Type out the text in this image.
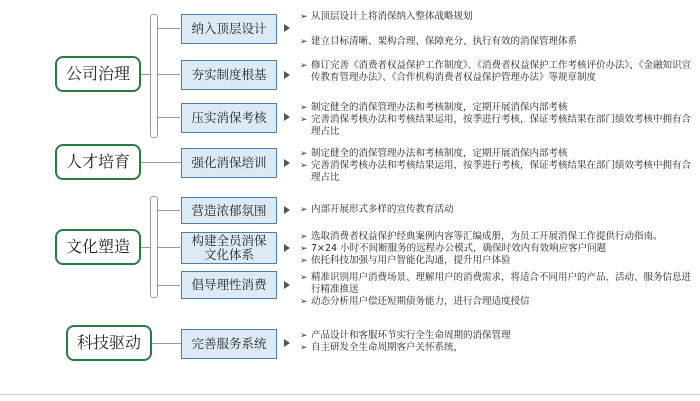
公司治理
人才培育
文化塑造
科技驱动
纳入顶层设计
夯实制度根基
压实消保考核
强化消保培训
营造浓郁氛围
构建全员消保
文化体系
倡导理性消费
完善服务系统
➢ 从顶层设计上将消保纳入整体战略规划
➢ 建立目标清晰、架构合理、保障充分、执行有效的消保管理体系
➢ 修订完善《消费者权益保护工作制度》、《消费者权益保护工作考核评价办法》、《金融知识宣传教育管理办法》、《合作机构消费者权益保护管理办法》等规章制度
➢ 制定健全的消保管理办法和考核制度，定期开展消保内部考核
➢ 完善消保考核办法和考核结果运用，按季进行考核，保证考核结果在部门绩效考核中拥有合理占比
➢ 制定健全的消保管理办法和考核制度，定期开展消保内部考核
➢ 完善消保考核办法和考核结果运用，按季进行考核，保证考核结果在部门绩效考核中拥有合理占比
➢ 内部开展形式多样的宣传教育活动
➢ 选取消费者权益保护经典案例内容等汇编成册，为员工开展消保工作提供行动指南。
➢ 7×24 小时不间断服务的远程办公模式，确保时效内有效响应客户问题
➢ 依托科技加强与用户智能化沟通，提升用户体验
➢ 精准识别用户消费场景、理解用户的消费需求，将适合不同用户的产品、活动、服务信息进行精准推送
➢ 动态分析用户偿还短期债务能力，进行合理适度授信
➢ 产品设计和客服环节实行全生命周期的消保管理
➢ 自主研发全生命周期客户关怀系统，
